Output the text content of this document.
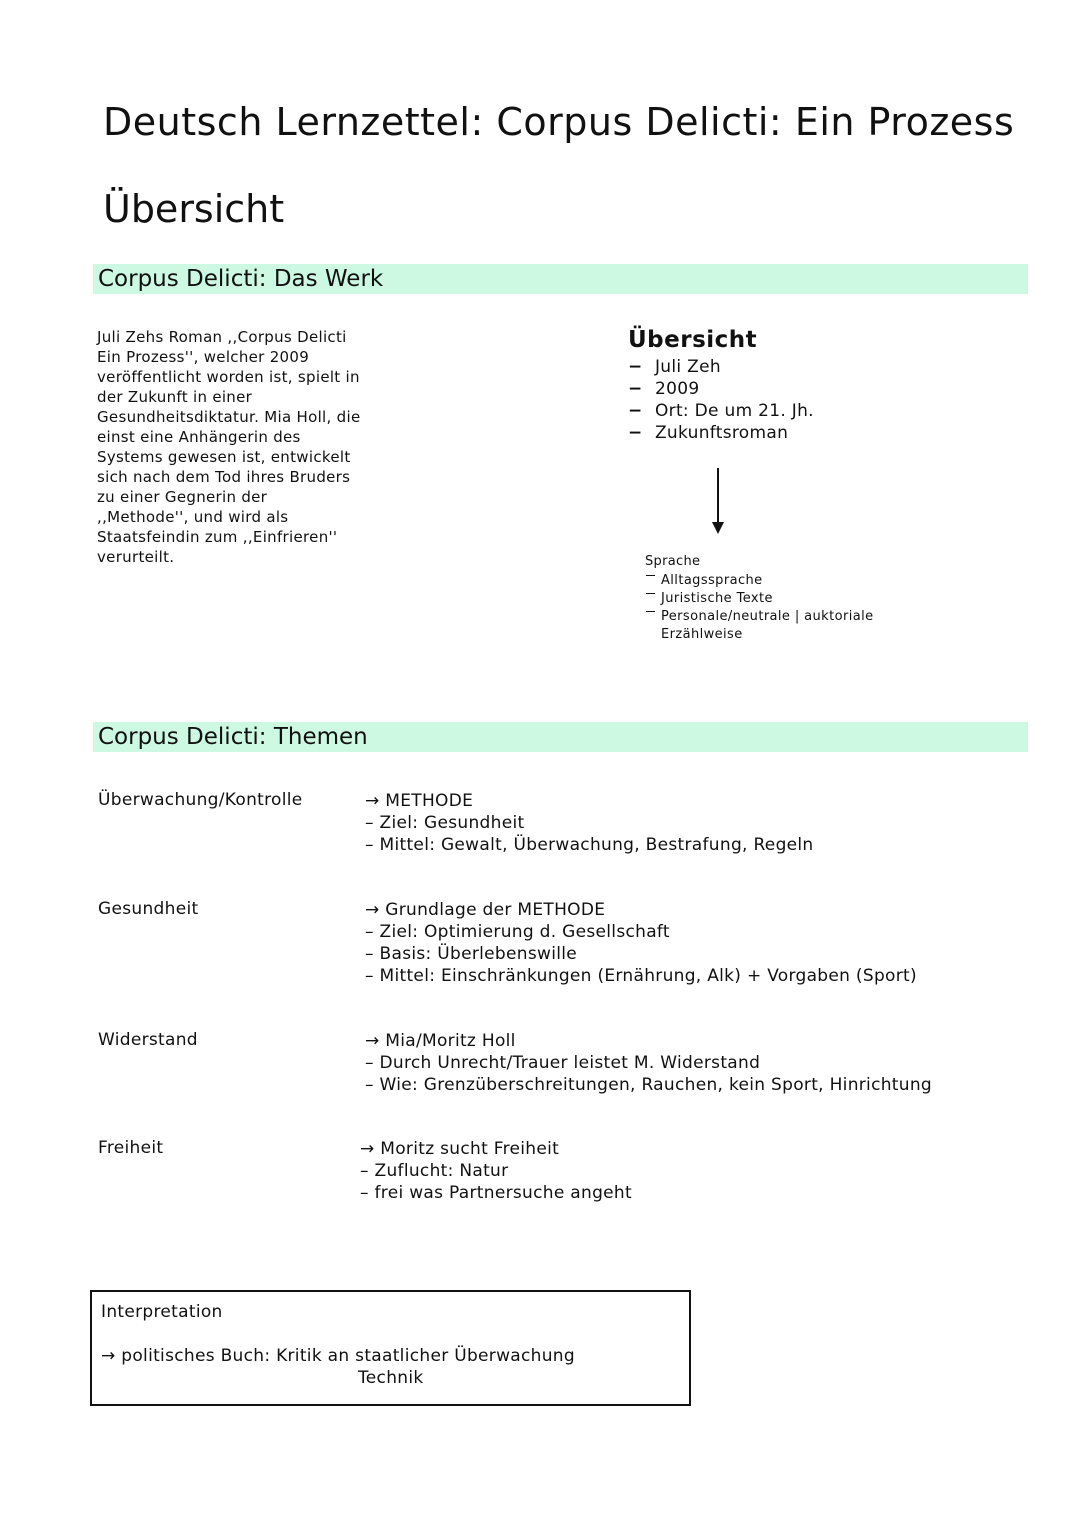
Deutsch Lernzettel: Corpus Delicti: Ein Prozess
Übersicht
Corpus Delicti: Das Werk

Juli Zehs Roman ,,Corpus Delicti Ein Prozess'', welcher 2009 veröffentlicht worden ist, spielt in der Zukunft in einer Gesundheitsdiktatur. Mia Holl, die einst eine Anhängerin des Systems gewesen ist, entwickelt sich nach dem Tod ihres Bruders zu einer Gegnerin der ,,Methode'', und wird als Staatsfeindin zum ,,Einfrieren'' verurteilt.

Übersicht
−  Juli Zeh
−  2009
−  Ort: De um 21. Jh.
−  Zukunftsroman
Sprache
Alltagssprache
Juristische Texte
Personale/neutrale | auktoriale Erzählweise
Corpus Delicti: Themen
Überwachung/Kontrolle	→ METHODE
– Ziel: Gesundheit
– Mittel: Gewalt, Überwachung, Bestrafung, Regeln
Gesundheit	→ Grundlage der METHODE
– Ziel: Optimierung d. Gesellschaft
– Basis: Überlebenswille
– Mittel: Einschränkungen (Ernährung, Alk) + Vorgaben (Sport)
Widerstand	→ Mia/Moritz Holl
– Durch Unrecht/Trauer leistet M. Widerstand
– Wie: Grenzüberschreitungen, Rauchen, kein Sport, Hinrichtung
Freiheit	→ Moritz sucht Freiheit
– Zuflucht: Natur
– frei was Partnersuche angeht
Interpretation
→ politisches Buch: Kritik an staatlicher Überwachung
Technik
